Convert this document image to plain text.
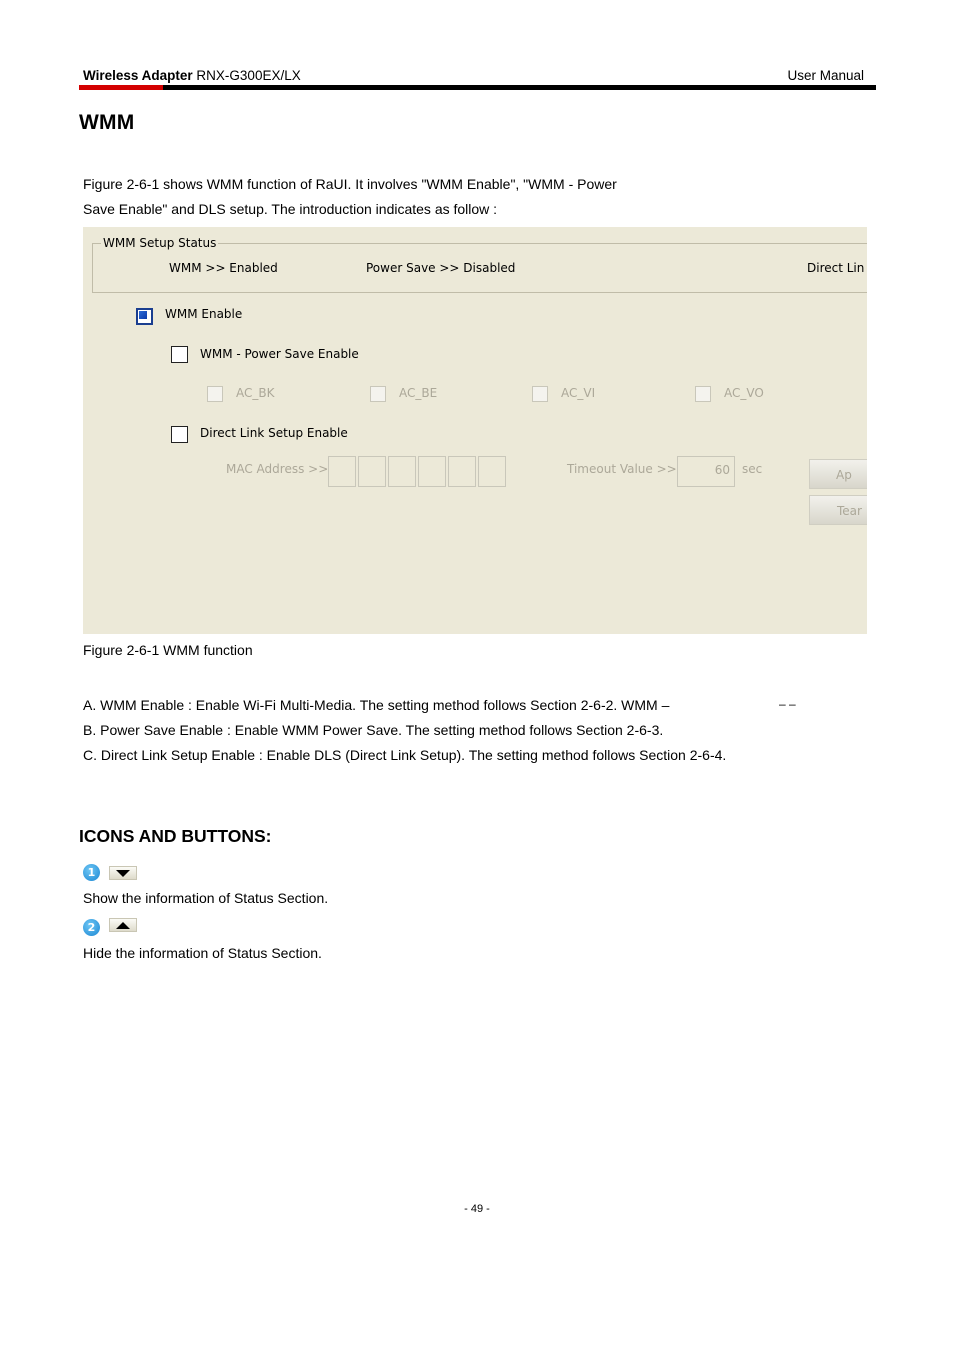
Wireless Adapter RNX-G300EX/LX	User Manual
WMM
Figure 2-6-1 shows WMM function of RaUI. It involves "WMM Enable", "WMM - Power
Save Enable" and DLS setup. The introduction indicates as follow :
WMM Setup Status
WMM >> Enabled	Power Save >> Disabled	Direct Lin
WMM Enable
WMM - Power Save Enable
AC_BK	AC_BE	AC_VI	AC_VO
Direct Link Setup Enable
MAC Address >>	Timeout Value >>	60	sec	Ap
Tear
Figure 2-6-1 WMM function
A. WMM Enable : Enable Wi-Fi Multi-Media. The setting method follows Section 2-6-2. WMM –	– –
B. Power Save Enable : Enable WMM Power Save. The setting method follows Section 2-6-3.
C. Direct Link Setup Enable : Enable DLS (Direct Link Setup). The setting method follows Section 2-6-4.
ICONS AND BUTTONS:
1
Show the information of Status Section.
2
Hide the information of Status Section.
- 49 -
